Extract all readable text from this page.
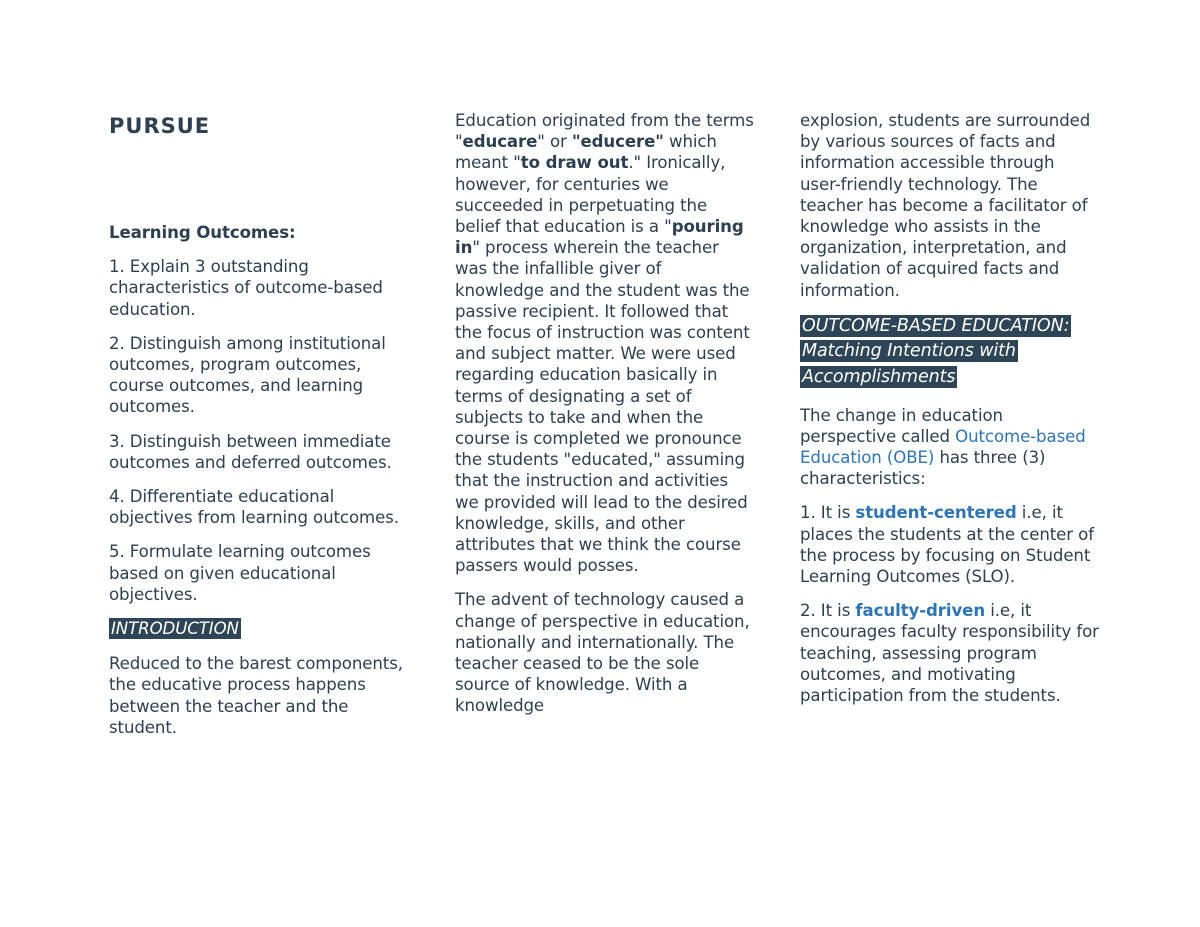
PURSUE

Learning Outcomes:

1. Explain 3 outstanding characteristics of outcome-based education.

2. Distinguish among institutional outcomes, program outcomes, course outcomes, and learning outcomes.

3. Distinguish between immediate outcomes and deferred outcomes.

4. Differentiate educational objectives from learning outcomes.

5. Formulate learning outcomes based on given educational objectives.

INTRODUCTION

Reduced to the barest components, the educative process happens between the teacher and the student.

Education originated from the terms "educare" or "educere" which meant "to draw out." Ironically, however, for centuries we succeeded in perpetuating the belief that education is a "pouring in" process wherein the teacher was the infallible giver of knowledge and the student was the passive recipient. It followed that the focus of instruction was content and subject matter. We were used regarding education basically in terms of designating a set of subjects to take and when the course is completed we pronounce the students "educated," assuming that the instruction and activities we provided will lead to the desired knowledge, skills, and other attributes that we think the course passers would posses.

The advent of technology caused a change of perspective in education, nationally and internationally. The teacher ceased to be the sole source of knowledge. With a knowledge

explosion, students are surrounded by various sources of facts and information accessible through user-friendly technology. The teacher has become a facilitator of knowledge who assists in the organization, interpretation, and validation of acquired facts and information.

OUTCOME-BASED EDUCATION: Matching Intentions with Accomplishments

The change in education perspective called Outcome-based Education (OBE) has three (3) characteristics:

1. It is student-centered i.e, it places the students at the center of the process by focusing on Student Learning Outcomes (SLO).

2. It is faculty-driven i.e, it encourages faculty responsibility for teaching, assessing program outcomes, and motivating participation from the students.
